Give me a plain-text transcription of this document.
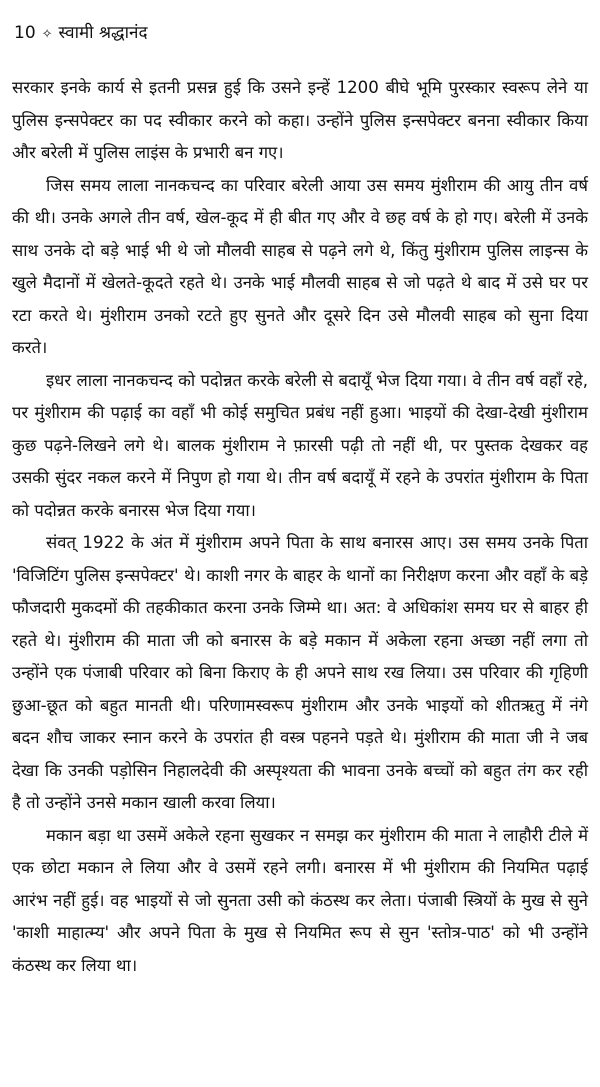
10 ✧ स्वामी श्रद्धानंद

सरकार इनके कार्य से इतनी प्रसन्न हुई कि उसने इन्हें 1200 बीघे भूमि पुरस्कार स्वरूप लेने या पुलिस इन्सपेक्टर का पद स्वीकार करने को कहा। उन्होंने पुलिस इन्सपेक्टर बनना स्वीकार किया और बरेली में पुलिस लाइंस के प्रभारी बन गए।

जिस समय लाला नानकचन्द का परिवार बरेली आया उस समय मुंशीराम की आयु तीन वर्ष की थी। उनके अगले तीन वर्ष, खेल-कूद में ही बीत गए और वे छह वर्ष के हो गए। बरेली में उनके साथ उनके दो बड़े भाई भी थे जो मौलवी साहब से पढ़ने लगे थे, किंतु मुंशीराम पुलिस लाइन्स के खुले मैदानों में खेलते-कूदते रहते थे। उनके भाई मौलवी साहब से जो पढ़ते थे बाद में उसे घर पर रटा करते थे। मुंशीराम उनको रटते हुए सुनते और दूसरे दिन उसे मौलवी साहब को सुना दिया करते।

इधर लाला नानकचन्द को पदोन्नत करके बरेली से बदायूँ भेज दिया गया। वे तीन वर्ष वहाँ रहे, पर मुंशीराम की पढ़ाई का वहाँ भी कोई समुचित प्रबंध नहीं हुआ। भाइयों की देखा-देखी मुंशीराम कुछ पढ़ने-लिखने लगे थे। बालक मुंशीराम ने फ़ारसी पढ़ी तो नहीं थी, पर पुस्तक देखकर वह उसकी सुंदर नकल करने में निपुण हो गया थे। तीन वर्ष बदायूँ में रहने के उपरांत मुंशीराम के पिता को पदोन्नत करके बनारस भेज दिया गया।

संवत् 1922 के अंत में मुंशीराम अपने पिता के साथ बनारस आए। उस समय उनके पिता 'विजिटिंग पुलिस इन्सपेक्टर' थे। काशी नगर के बाहर के थानों का निरीक्षण करना और वहाँ के बड़े फौजदारी मुकदमों की तहकीकात करना उनके जिम्मे था। अत: वे अधिकांश समय घर से बाहर ही रहते थे। मुंशीराम की माता जी को बनारस के बड़े मकान में अकेला रहना अच्छा नहीं लगा तो उन्होंने एक पंजाबी परिवार को बिना किराए के ही अपने साथ रख लिया। उस परिवार की गृहिणी छुआ-छूत को बहुत मानती थी। परिणामस्वरूप मुंशीराम और उनके भाइयों को शीतऋतु में नंगे बदन शौच जाकर स्नान करने के उपरांत ही वस्त्र पहनने पड़ते थे। मुंशीराम की माता जी ने जब देखा कि उनकी पड़ोसिन निहालदेवी की अस्पृश्यता की भावना उनके बच्चों को बहुत तंग कर रही है तो उन्होंने उनसे मकान खाली करवा लिया।

मकान बड़ा था उसमें अकेले रहना सुखकर न समझ कर मुंशीराम की माता ने लाहौरी टीले में एक छोटा मकान ले लिया और वे उसमें रहने लगी। बनारस में भी मुंशीराम की नियमित पढ़ाई आरंभ नहीं हुई। वह भाइयों से जो सुनता उसी को कंठस्थ कर लेता। पंजाबी स्त्रियों के मुख से सुने 'काशी माहात्म्य' और अपने पिता के मुख से नियमित रूप से सुन 'स्तोत्र-पाठ' को भी उन्होंने कंठस्थ कर लिया था।
